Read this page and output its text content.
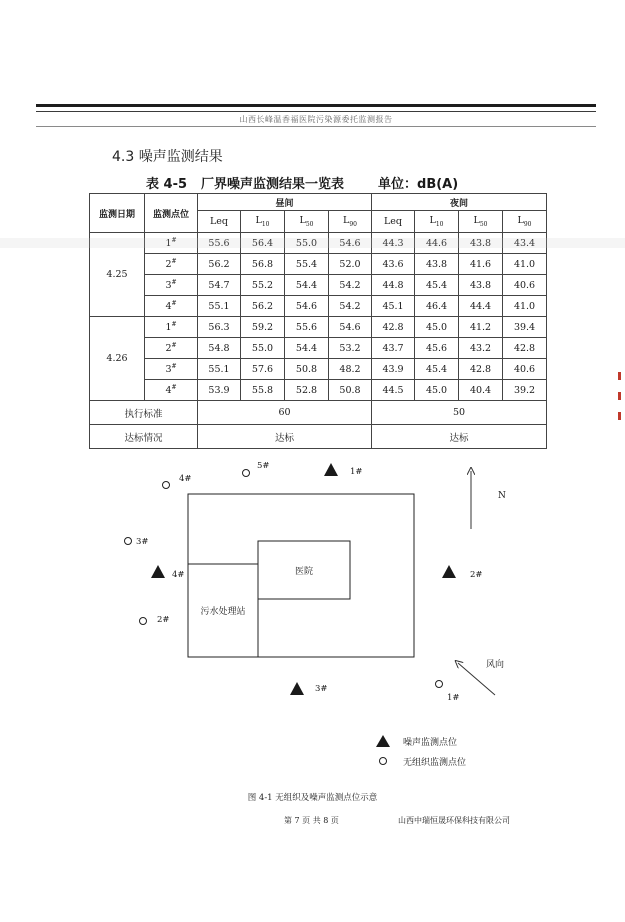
山西长峰温香福医院污染源委托监测报告
4.3 噪声监测结果
表 4-5 厂界噪声监测结果一览表	单位：dB(A)
监测日期	监测点位	昼间				夜间			
		Leq	$L_{10}$	$L_{50}$	$L_{90}$	Leq	$L_{10}$	$L_{50}$	$L_{90}$
4.25	1#	55.6	56.4	55.0	54.6	44.3	44.6	43.8	43.4
	2#	56.2	56.8	55.4	52.0	43.6	43.8	41.6	41.0
	3#	54.7	55.2	54.4	54.2	44.8	45.4	43.8	40.6
	4#	55.1	56.2	54.6	54.2	45.1	46.4	44.4	41.0
4.26	1#	56.3	59.2	55.6	54.6	42.8	45.0	41.2	39.4
	2#	54.8	55.0	54.4	53.2	43.7	45.6	43.2	42.8
	3#	55.1	57.6	50.8	48.2	43.9	45.4	42.8	40.6
	4#	53.9	55.8	52.8	50.8	44.5	45.0	40.4	39.2
执行标准		60				50			
达标情况		达标				达标			
医院
污水处理站
4#
5#
3#
2#
1#
1#
4#	2#
3#
N
风向
噪声监测点位
无组织监测点位
图 4-1 无组织及噪声监测点位示意
第 7 页 共 8 页	山西中瑞恒晟环保科技有限公司
